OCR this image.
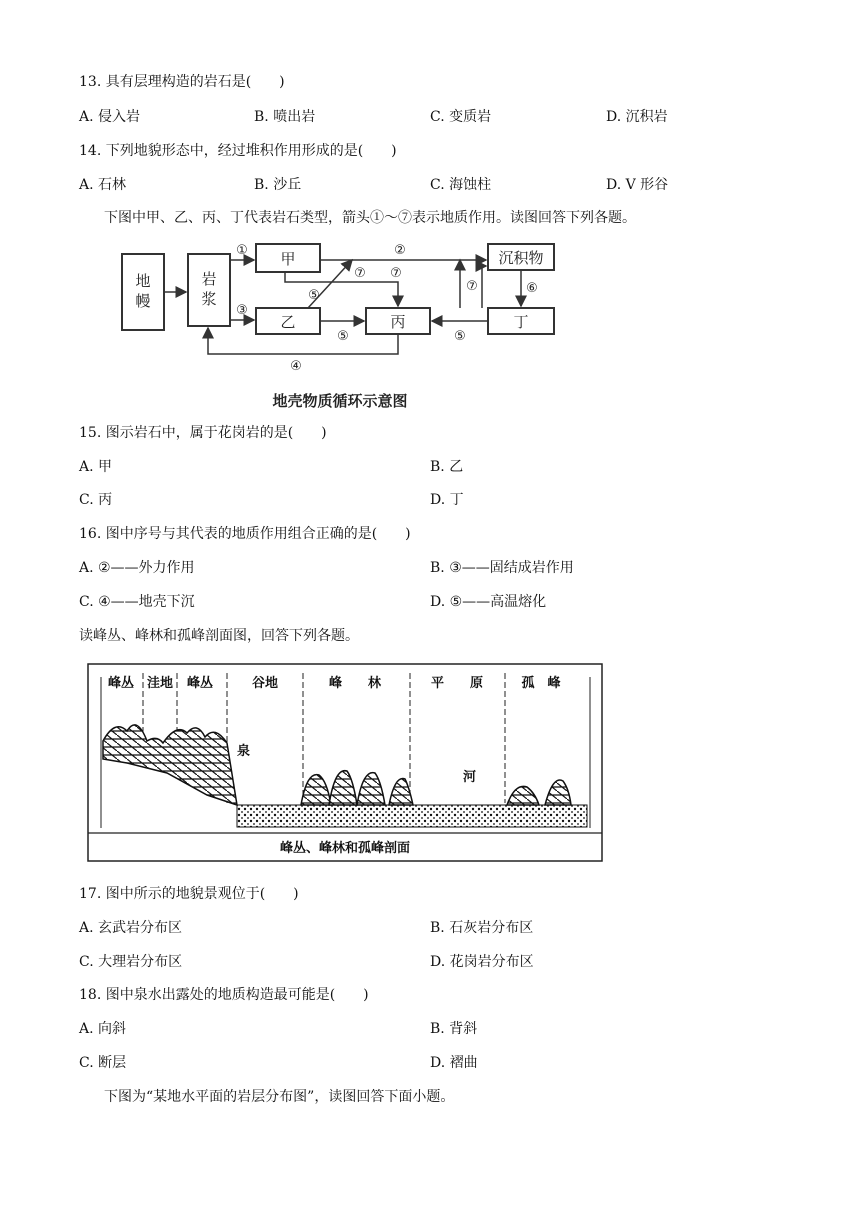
13. 具有层理构造的岩石是(　　)
A. 侵入岩	B. 喷出岩	C. 变质岩	D. 沉积岩
14. 下列地貌形态中，经过堆积作用形成的是(　　)
A. 石林	B. 沙丘	C. 海蚀柱	D. V 形谷
下图中甲、乙、丙、丁代表岩石类型，箭头①～⑦表示地质作用。读图回答下列各题。
地
幔
岩
浆
甲
乙	丙	丁
沉积物
①
③
②
⑤	⑤
⑤
⑦ ⑦
⑦	⑥
④
地壳物质循环示意图
15. 图示岩石中，属于花岗岩的是(　　)
A. 甲	B. 乙
C. 丙	D. 丁
16. 图中序号与其代表的地质作用组合正确的是(　　)
A. ②——外力作用	B. ③——固结成岩作用
C. ④——地壳下沉	D. ⑤——高温熔化
读峰丛、峰林和孤峰剖面图，回答下列各题。
峰丛 洼地 峰丛	谷地	峰　　林	平　　原	孤　峰
泉
河
峰丛、峰林和孤峰剖面
17. 图中所示的地貌景观位于(　　)
A. 玄武岩分布区	B. 石灰岩分布区
C. 大理岩分布区	D. 花岗岩分布区
18. 图中泉水出露处的地质构造最可能是(　　)
A. 向斜	B. 背斜
C. 断层	D. 褶曲
下图为“某地水平面的岩层分布图”，读图回答下面小题。
